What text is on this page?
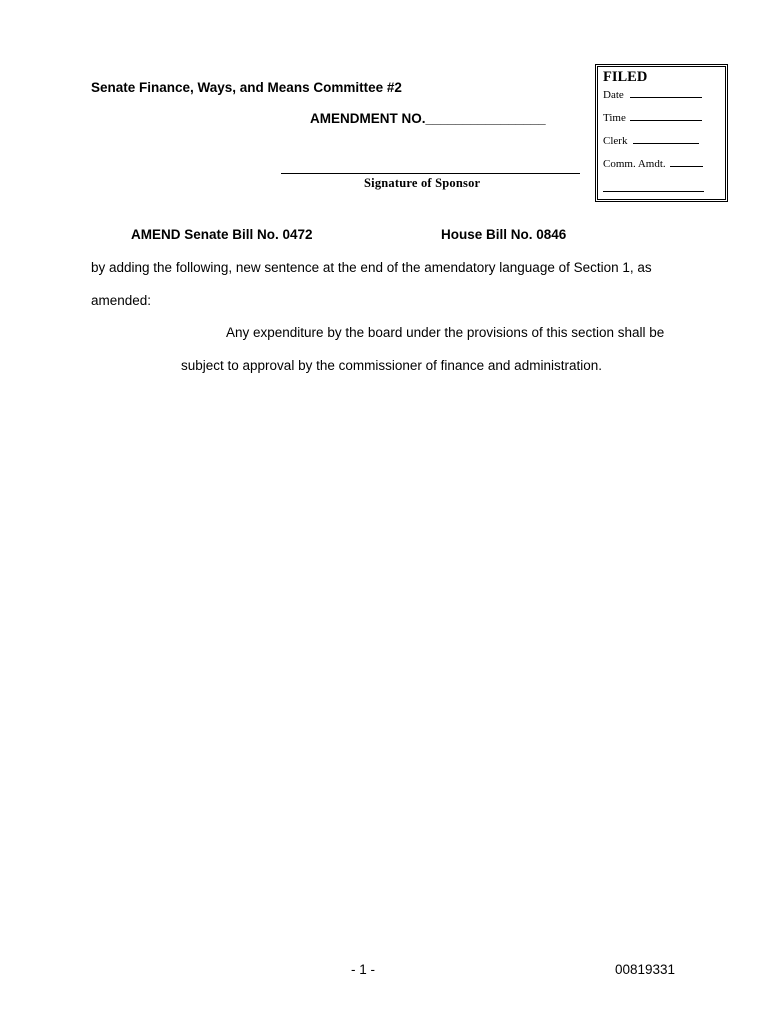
Senate Finance, Ways, and Means Committee #2
AMENDMENT NO.________________
Signature of Sponsor
FILED
Date
Time
Clerk
Comm. Amdt.
AMEND Senate Bill No. 0472	House Bill No. 0846
by adding the following, new sentence at the end of the amendatory language of Section 1, as
amended:
Any expenditure by the board under the provisions of this section shall be
subject to approval by the commissioner of finance and administration.
- 1 -	00819331
